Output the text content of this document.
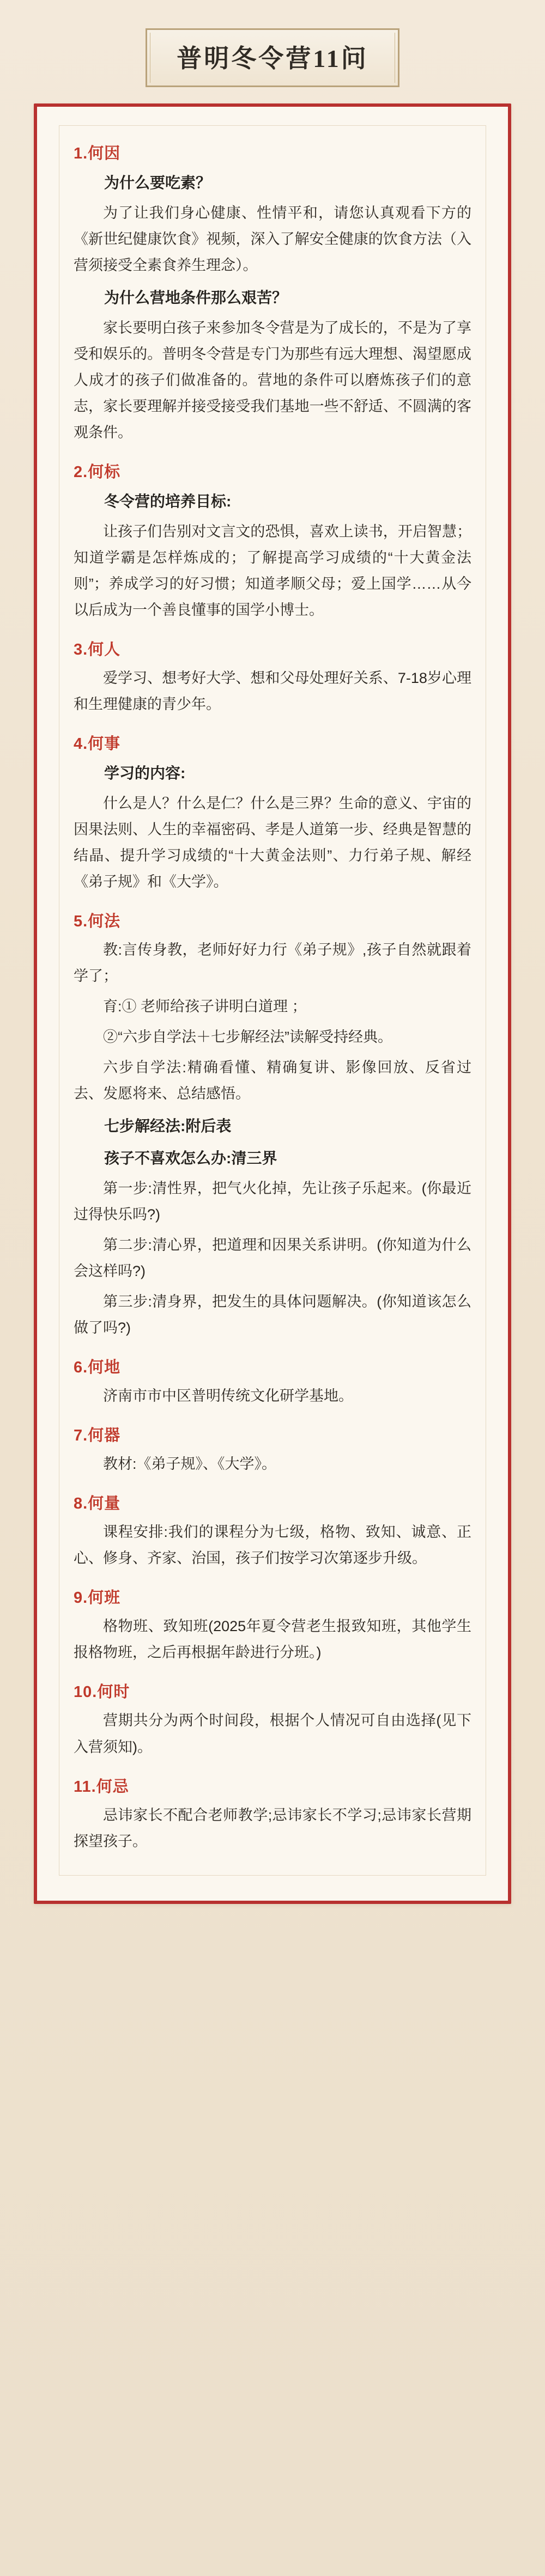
普明冬令营11问
1.何因
为什么要吃素？
为了让我们身心健康、性情平和，请您认真观看下方的《新世纪健康饮食》视频，深入了解安全健康的饮食方法（入营须接受全素食养生理念）。
为什么营地条件那么艰苦？
家长要明白孩子来参加冬令营是为了成长的，不是为了享受和娱乐的。普明冬令营是专门为那些有远大理想、渴望愿成人成才的孩子们做准备的。营地的条件可以磨炼孩子们的意志，家长要理解并接受接受我们基地一些不舒适、不圆满的客观条件。
2.何标
冬令营的培养目标:
让孩子们告别对文言文的恐惧，喜欢上读书，开启智慧；知道学霸是怎样炼成的；了解提高学习成绩的“十大黄金法则”；养成学习的好习惯；知道孝顺父母；爱上国学……从今以后成为一个善良懂事的国学小博士。
3.何人
爱学习、想考好大学、想和父母处理好关系、7-18岁心理和生理健康的青少年。
4.何事
学习的内容:
什么是人？什么是仁？什么是三界？生命的意义、宇宙的因果法则、人生的幸福密码、孝是人道第一步、经典是智慧的结晶、提升学习成绩的“十大黄金法则”、力行弟子规、解经《弟子规》和《大学》。
5.何法
教:言传身教，老师好好力行《弟子规》,孩子自然就跟着学了；
育:① 老师给孩子讲明白道理 ；
②“六步自学法＋七步解经法”读解受持经典。
六步自学法:精确看懂、精确复讲、影像回放、反省过去、发愿将来、总结感悟。
七步解经法:附后表
孩子不喜欢怎么办:清三界
第一步:清性界，把气火化掉，先让孩子乐起来。(你最近过得快乐吗?)
第二步:清心界，把道理和因果关系讲明。(你知道为什么会这样吗?)
第三步:清身界，把发生的具体问题解决。(你知道该怎么做了吗?)
6.何地
济南市市中区普明传统文化研学基地。
7.何器
教材:《弟子规》、《大学》。
8.何量
课程安排:我们的课程分为七级，格物、致知、诚意、正心、修身、齐家、治国，孩子们按学习次第逐步升级。
9.何班
格物班、致知班(2025年夏令营老生报致知班，其他学生报格物班，之后再根据年龄进行分班。)
10.何时
营期共分为两个时间段，根据个人情况可自由选择(见下入营须知)。
11.何忌
忌讳家长不配合老师教学;忌讳家长不学习;忌讳家长营期探望孩子。
